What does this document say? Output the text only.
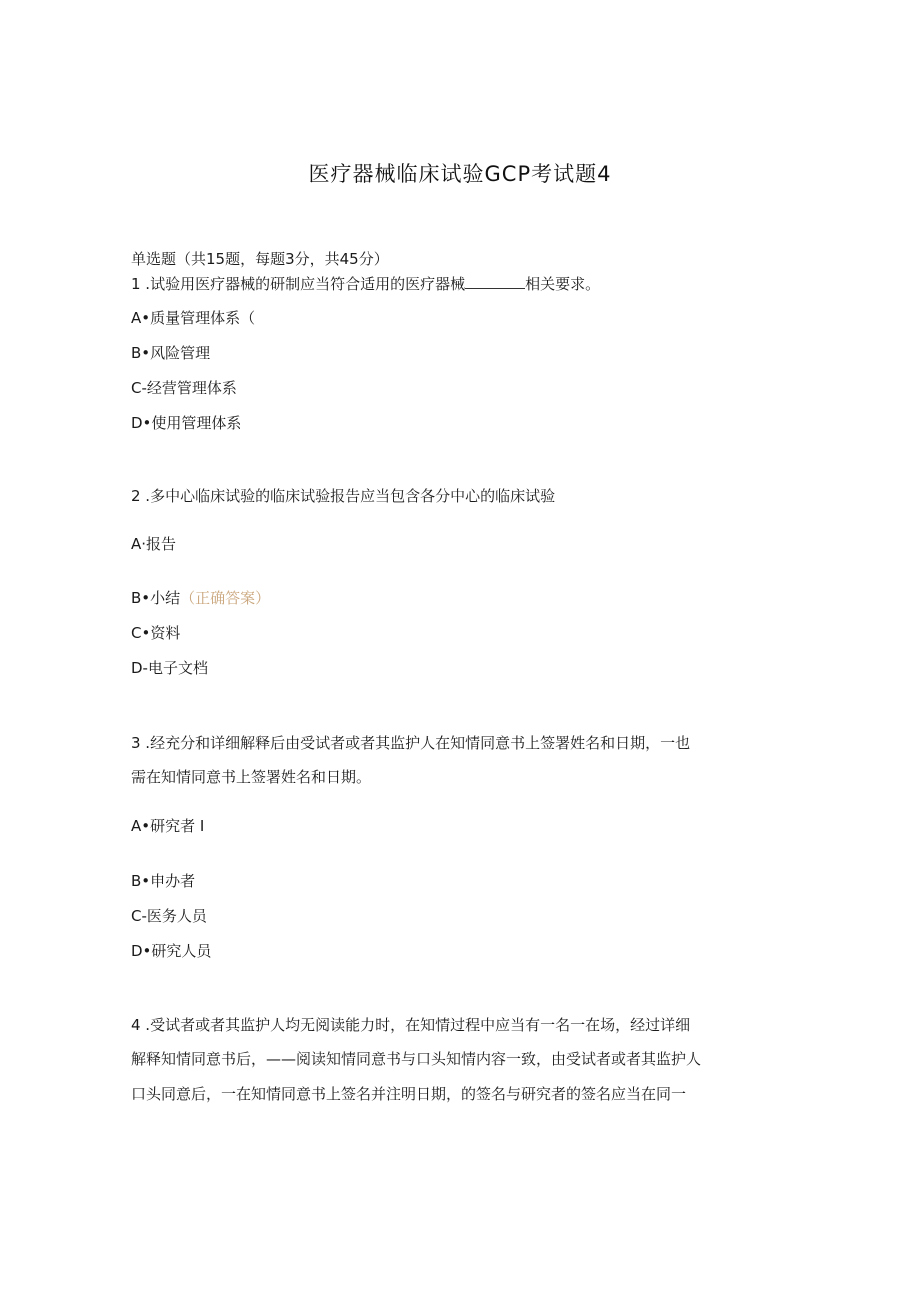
医疗器械临床试验GCP考试题4
单选题（共15题，每题3分，共45分）
1 .试验用医疗器械的研制应当符合适用的医疗器械	相关要求。
A•质量管理体系（
B•风险管理
C-经营管理体系
D•使用管理体系
2 .多中心临床试验的临床试验报告应当包含各分中心的临床试验
A·报告
B•小结（正确答案）
C•资料
D-电子文档
3 .经充分和详细解释后由受试者或者其监护人在知情同意书上签署姓名和日期，一也
需在知情同意书上签署姓名和日期。
A•研究者 I
B•申办者
C-医务人员
D•研究人员
4 .受试者或者其监护人均无阅读能力时，在知情过程中应当有一名一在场，经过详细
解释知情同意书后，——阅读知情同意书与口头知情内容一致，由受试者或者其监护人
口头同意后，一在知情同意书上签名并注明日期，的签名与研究者的签名应当在同一
